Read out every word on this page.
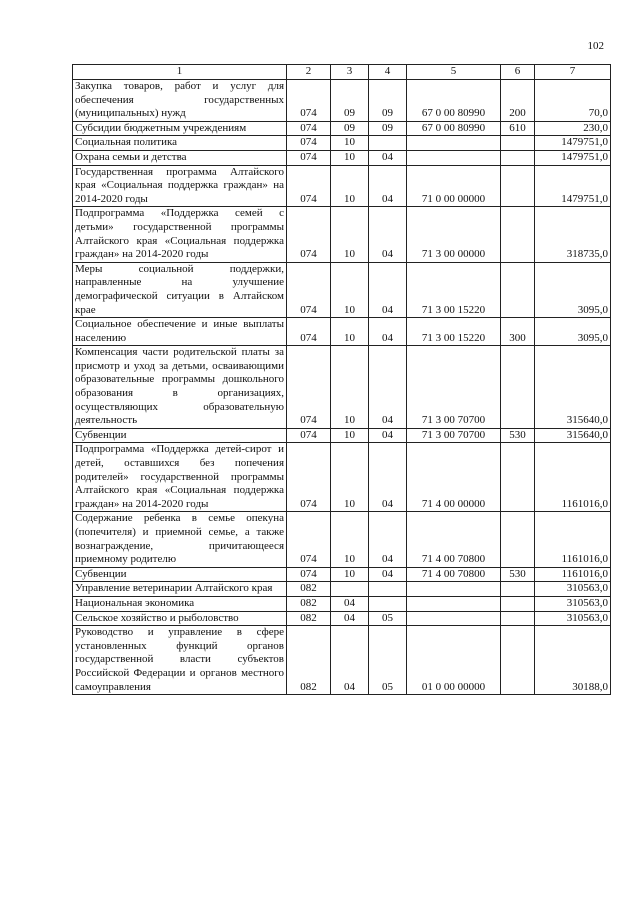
102
1	2	3	4	5	6	7
Закупка товаров, работ и услуг для обеспечения государственных (муниципальных) нужд	074	09	09	67 0 00 80990	200	70,0
Субсидии бюджетным учреждениям	074	09	09	67 0 00 80990	610	230,0
Социальная политика	074	10				1479751,0
Охрана семьи и детства	074	10	04			1479751,0
Государственная программа Алтайского края «Социальная поддержка граждан» на 2014-2020 годы	074	10	04	71 0 00 00000		1479751,0
Подпрограмма «Поддержка семей с детьми» государственной программы Алтайского края «Социальная поддержка граждан» на 2014-2020 годы	074	10	04	71 3 00 00000		318735,0
Меры социальной поддержки, направленные на улучшение демографической ситуации в Алтайском крае	074	10	04	71 3 00 15220		3095,0
Социальное обеспечение и иные выплаты населению	074	10	04	71 3 00 15220	300	3095,0
Компенсация части родительской платы за присмотр и уход за детьми, осваивающими образовательные программы дошкольного образования в организациях, осуществляющих образовательную деятельность	074	10	04	71 3 00 70700		315640,0
Субвенции	074	10	04	71 3 00 70700	530	315640,0
Подпрограмма «Поддержка детей-сирот и детей, оставшихся без попечения родителей» государственной программы Алтайского края «Социальная поддержка граждан» на 2014-2020 годы	074	10	04	71 4 00 00000		1161016,0
Содержание ребенка в семье опекуна (попечителя) и приемной семье, а также вознаграждение, причитающееся приемному родителю	074	10	04	71 4 00 70800		1161016,0
Субвенции	074	10	04	71 4 00 70800	530	1161016,0
Управление ветеринарии Алтайского края	082					310563,0
Национальная экономика	082	04				310563,0
Сельское хозяйство и рыболовство	082	04	05			310563,0
Руководство и управление в сфере установленных функций органов государственной власти субъектов Российской Федерации и органов местного самоуправления	082	04	05	01 0 00 00000		30188,0
